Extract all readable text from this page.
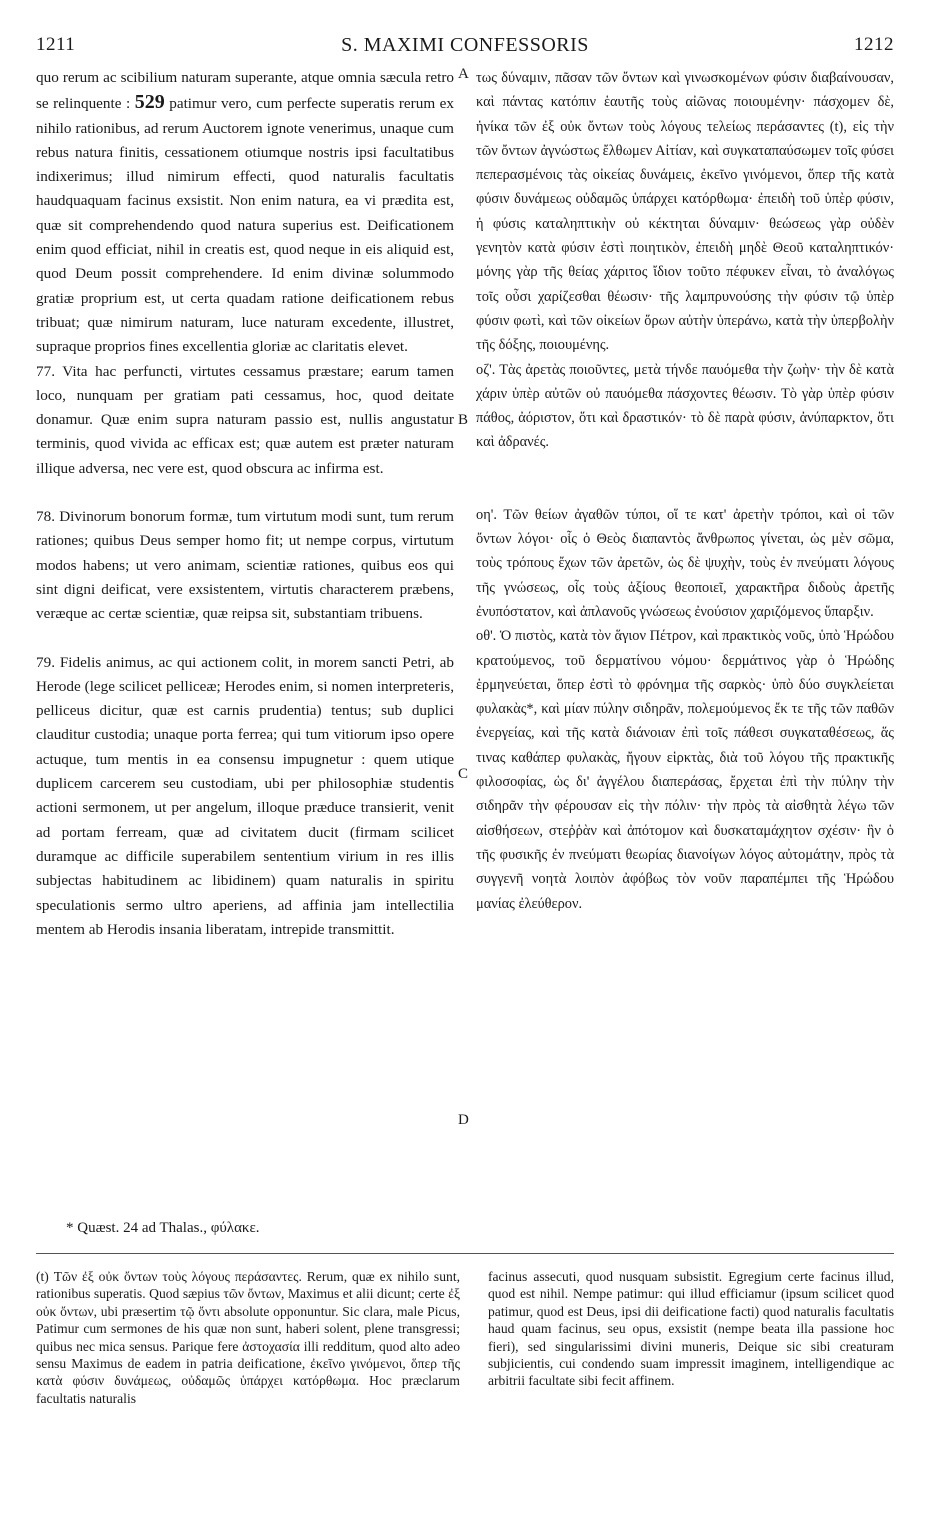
1211	S. MAXIMI CONFESSORIS	1212

quo rerum ac scibilium naturam superante, atque omnia sæcula retro se relinquente : 529 patimur vero, cum perfecte superatis rerum ex nihilo rationibus, ad rerum Auctorem ignote venerimus, unaque cum rebus natura finitis, cessationem otiumque nostris ipsi facultatibus indixerimus; illud nimirum effecti, quod naturalis facultatis haudquaquam facinus exsistit. Non enim natura, ea vi prædita est, quæ sit comprehendendo quod natura superius est. Deificationem enim quod efficiat, nihil in creatis est, quod neque in eis aliquid est, quod Deum possit comprehendere. Id enim divinæ solummodo gratiæ proprium est, ut certa quadam ratione deificationem rebus tribuat; quæ nimirum naturam, luce naturam excedente, illustret, supraque proprios fines excellentia gloriæ ac claritatis elevet.

77. Vita hac perfuncti, virtutes cessamus præstare; earum tamen loco, nunquam per gratiam pati cessamus, hoc, quod deitate donamur. Quæ enim supra naturam passio est, nullis angustatur terminis, quod vivida ac efficax est; quæ autem est præter naturam illique adversa, nec vere est, quod obscura ac infirma est.

78. Divinorum bonorum formæ, tum virtutum modi sunt, tum rerum rationes; quibus Deus semper homo fit; ut nempe corpus, virtutum modos habens; ut vero animam, scientiæ rationes, quibus eos qui sint digni deificat, vere exsistentem, virtutis characterem præbens, veræque ac certæ scientiæ, quæ reipsa sit, substantiam tribuens.

79. Fidelis animus, ac qui actionem colit, in morem sancti Petri, ab Herode (lege scilicet pelliceæ; Herodes enim, si nomen interpreteris, pelliceus dicitur, quæ est carnis prudentia) tentus; sub duplici clauditur custodia; unaque porta ferrea; qui tum vitiorum ipso opere actuque, tum mentis in ea consensu impugnetur : quem utique duplicem carcerem seu custodiam, ubi per philosophiæ studentis actioni sermonem, ut per angelum, illoque præduce transierit, venit ad portam ferream, quæ ad civitatem ducit (firmam scilicet duramque ac difficile superabilem sententium virium in res illis subjectas habitudinem ac libidinem) quam naturalis in spiritu speculationis sermo ultro aperiens, ad affinia jam intellectilia mentem ab Herodis insania liberatam, intrepide transmittit.

A
B
C
D

τως δύναμιν, πᾶσαν τῶν ὄντων καὶ γινωσκομένων φύσιν διαβαίνουσαν, καὶ πάντας κατόπιν ἑαυτῆς τοὺς αἰῶνας ποιουμένην· πάσχομεν δὲ, ἡνίκα τῶν ἐξ οὐκ ὄντων τοὺς λόγους τελείως περάσαντες (t), εἰς τὴν τῶν ὄντων ἀγνώστως ἔλθωμεν Αἰτίαν, καὶ συγκαταπαύσωμεν τοῖς φύσει πεπερασμένοις τὰς οἰκείας δυνάμεις, ἐκεῖνο γινόμενοι, ὅπερ τῆς κατὰ φύσιν δυνάμεως οὐδαμῶς ὑπάρχει κατόρθωμα· ἐπειδὴ τοῦ ὑπὲρ φύσιν, ἡ φύσις καταληπτικὴν οὐ κέκτηται δύναμιν· θεώσεως γὰρ οὐδὲν γενητὸν κατὰ φύσιν ἐστὶ ποιητικὸν, ἐπειδὴ μηδὲ Θεοῦ καταληπτικόν· μόνης γὰρ τῆς θείας χάριτος ἴδιον τοῦτο πέφυκεν εἶναι, τὸ ἀναλόγως τοῖς οὖσι χαρίζεσθαι θέωσιν· τῆς λαμπρυνούσης τὴν φύσιν τῷ ὑπὲρ φύσιν φωτὶ, καὶ τῶν οἰκείων ὅρων αὐτὴν ὑπεράνω, κατὰ τὴν ὑπερβολὴν τῆς δόξης, ποιουμένης.

οζ'. Τὰς ἀρετὰς ποιοῦντες, μετὰ τήνδε παυόμεθα τὴν ζωὴν· τὴν δὲ κατὰ χάριν ὑπὲρ αὐτῶν οὐ παυόμεθα πάσχοντες θέωσιν. Τὸ γὰρ ὑπὲρ φύσιν πάθος, ἀόριστον, ὅτι καὶ δραστικόν· τὸ δὲ παρὰ φύσιν, ἀνύπαρκτον, ὅτι καὶ ἀδρανές.

οη'. Τῶν θείων ἀγαθῶν τύποι, οἵ τε κατ' ἀρετὴν τρόποι, καὶ οἱ τῶν ὄντων λόγοι· οἷς ὁ Θεὸς διαπαντὸς ἄνθρωπος γίνεται, ὡς μὲν σῶμα, τοὺς τρόπους ἔχων τῶν ἀρετῶν, ὡς δὲ ψυχὴν, τοὺς ἐν πνεύματι λόγους τῆς γνώσεως, οἷς τοὺς ἀξίους θεοποιεῖ, χαρακτῆρα διδοὺς ἀρετῆς ἐνυπόστατον, καὶ ἀπλανοῦς γνώσεως ἐνούσιον χαριζόμενος ὕπαρξιν.

οθ'. Ὁ πιστὸς, κατὰ τὸν ἅγιον Πέτρον, καὶ πρακτικὸς νοῦς, ὑπὸ Ἡρώδου κρατούμενος, τοῦ δερματίνου νόμου· δερμάτινος γὰρ ὁ Ἡρώδης ἑρμηνεύεται, ὅπερ ἐστὶ τὸ φρόνημα τῆς σαρκὸς· ὑπὸ δύο συγκλείεται φυλακὰς*, καὶ μίαν πύλην σιδηρᾶν, πολεμούμενος ἔκ τε τῆς τῶν παθῶν ἐνεργείας, καὶ τῆς κατὰ διάνοιαν ἐπὶ τοῖς πάθεσι συγκαταθέσεως, ἅς τινας καθάπερ φυλακὰς, ἤγουν εἱρκτὰς, διὰ τοῦ λόγου τῆς πρακτικῆς φιλοσοφίας, ὡς δι' ἀγγέλου διαπεράσας, ἔρχεται ἐπὶ τὴν πύλην τὴν σιδηρᾶν τὴν φέρουσαν εἰς τὴν πόλιν· τὴν πρὸς τὰ αἰσθητὰ λέγω τῶν αἰσθήσεων, στεῤῥὰν καὶ ἀπότομον καὶ δυσκαταμάχητον σχέσιν· ἣν ὁ τῆς φυσικῆς ἐν πνεύματι θεωρίας διανοίγων λόγος αὐτομάτην, πρὸς τὰ συγγενῆ νοητὰ λοιπὸν ἀφόβως τὸν νοῦν παραπέμπει τῆς Ἡρώδου μανίας ἐλεύθερον.

* Quæst. 24 ad Thalas., φύλακε.

(t) Τῶν ἐξ οὐκ ὄντων τοὺς λόγους περάσαντες. Rerum, quæ ex nihilo sunt, rationibus superatis. Quod sæpius τῶν ὄντων, Maximus et alii dicunt; certe ἐξ οὐκ ὄντων, ubi præsertim τῷ ὄντι absolute opponuntur. Sic clara, male Picus, Patimur cum sermones de his quæ non sunt, haberi solent, plene transgressi; quibus nec mica sensus. Parique fere ἀστοχασία illi redditum, quod alto adeo sensu Maximus de eadem in patria deificatione, ἐκεῖνο γινόμενοι, ὅπερ τῆς κατὰ φύσιν δυνάμεως, οὐδαμῶς ὑπάρχει κατόρθωμα. Hoc præclarum facultatis naturalis

facinus assecuti, quod nusquam subsistit. Egregium certe facinus illud, quod est nihil. Nempe patimur: qui illud efficiamur (ipsum scilicet quod patimur, quod est Deus, ipsi dii deificatione facti) quod naturalis facultatis haud quam facinus, seu opus, exsistit (nempe beata illa passione hoc fieri), sed singularissimi divini muneris, Deique sic sibi creaturam subjicientis, cui condendo suam impressit imaginem, intelligendique ac arbitrii facultate sibi fecit affinem.
